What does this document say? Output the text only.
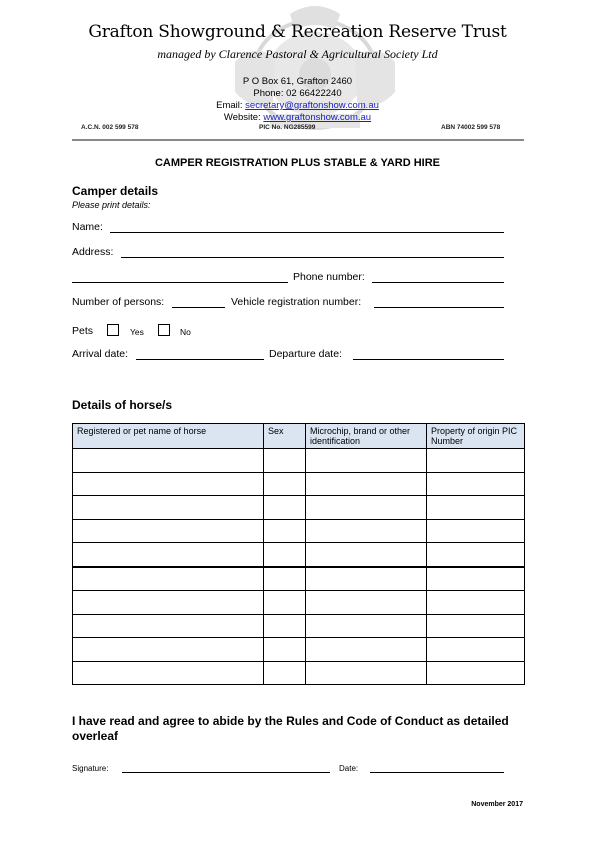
Grafton Showground & Recreation Reserve Trust
managed by Clarence Pastoral & Agricultural Society Ltd
P O Box 61, Grafton 2460
Phone: 02 66422240
Email: secretary@graftonshow.com.au
Website: www.graftonshow.com.au
A.C.N. 002 599 578	PIC No. NG285599	ABN 74002 599 578
CAMPER REGISTRATION PLUS STABLE & YARD HIRE
Camper details
Please print details:
Name:
Address:
Phone number:
Number of persons:	Vehicle registration number:
Pets	Yes	No
Arrival date:	Departure date:
Details of horse/s
Registered or pet name of horse	Sex	Microchip, brand or other identification	Property of origin PIC Number

I have read and agree to abide by the Rules and Code of Conduct as detailed overleaf
Signature:	Date:
November 2017
